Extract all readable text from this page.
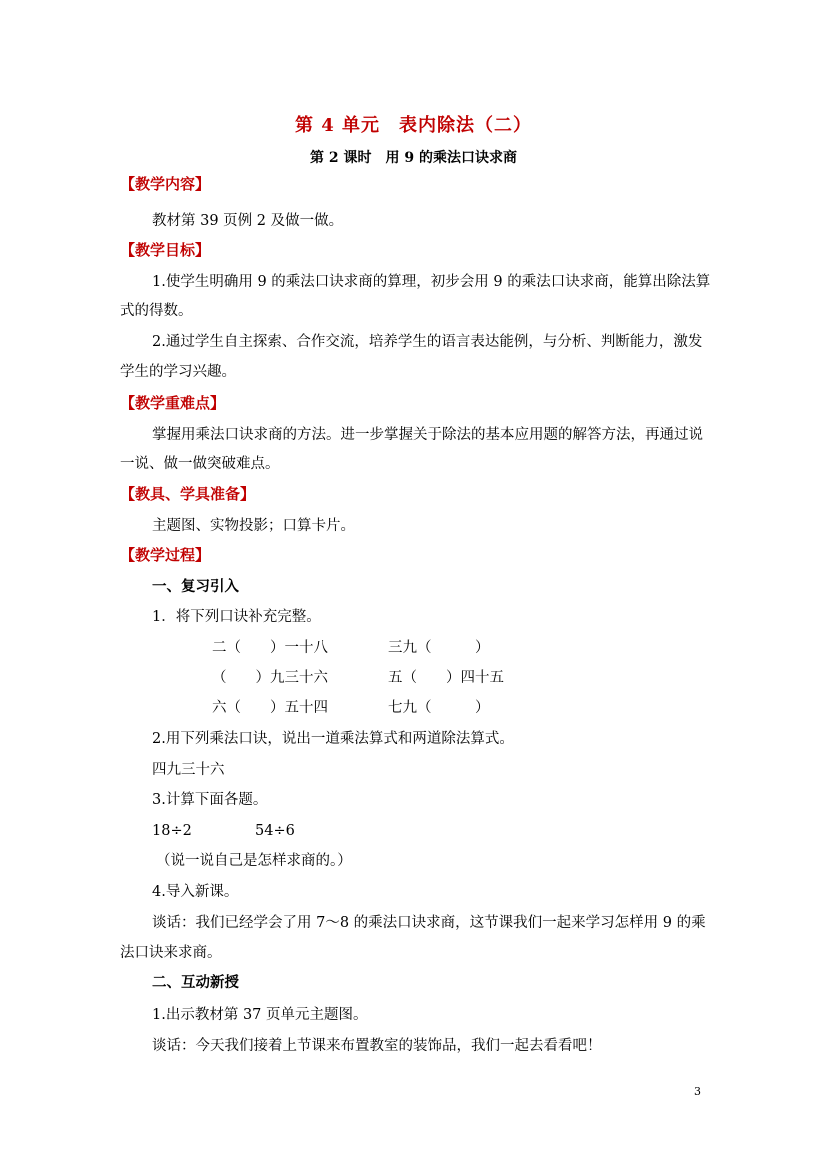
第 4 单元　表内除法（二）
第 2 课时　用 9 的乘法口诀求商
【教学内容】
教材第 39 页例 2 及做一做。
【教学目标】
1.使学生明确用 9 的乘法口诀求商的算理，初步会用 9 的乘法口诀求商，能算出除法算
式的得数。
2.通过学生自主探索、合作交流，培养学生的语言表达能例，与分析、判断能力，激发
学生的学习兴趣。
【教学重难点】
掌握用乘法口诀求商的方法。进一步掌握关于除法的基本应用题的解答方法，再通过说
一说、做一做突破难点。
【教具、学具准备】
主题图、实物投影；口算卡片。
【教学过程】
一、复习引入
1．将下列口诀补充完整。
二（　　）一十八	三九（　　　）
（　　）九三十六	五（　　）四十五
六（　　）五十四	七九（　　　）
2.用下列乘法口诀，说出一道乘法算式和两道除法算式。
四九三十六
3.计算下面各题。
18÷2	54÷6
（说一说自己是怎样求商的。）
4.导入新课。
谈话：我们已经学会了用 7～8 的乘法口诀求商，这节课我们一起来学习怎样用 9 的乘
法口诀来求商。
二、互动新授
1.出示教材第 37 页单元主题图。
谈话：今天我们接着上节课来布置教室的装饰品，我们一起去看看吧！
3
